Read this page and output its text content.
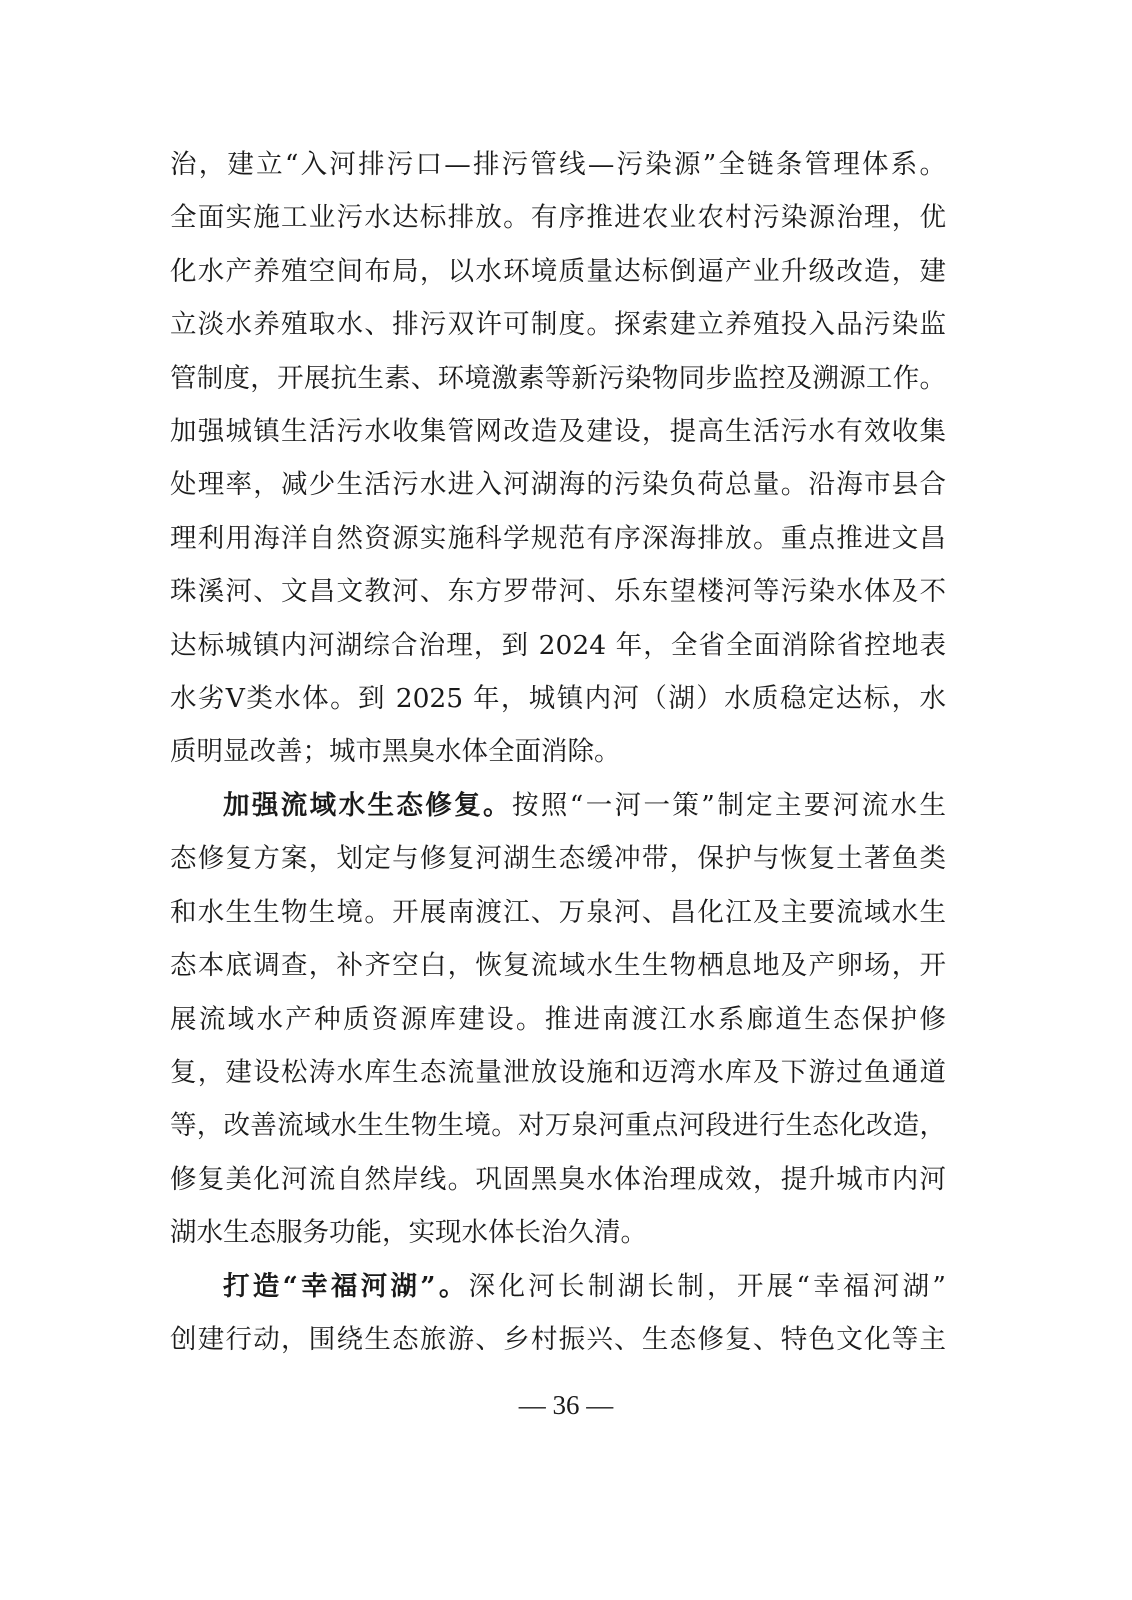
治，建立“入河排污口—排污管线—污染源”全链条管理体系。
全面实施工业污水达标排放。有序推进农业农村污染源治理，优
化水产养殖空间布局，以水环境质量达标倒逼产业升级改造，建
立淡水养殖取水、排污双许可制度。探索建立养殖投入品污染监
管制度，开展抗生素、环境激素等新污染物同步监控及溯源工作。
加强城镇生活污水收集管网改造及建设，提高生活污水有效收集
处理率，减少生活污水进入河湖海的污染负荷总量。沿海市县合
理利用海洋自然资源实施科学规范有序深海排放。重点推进文昌
珠溪河、文昌文教河、东方罗带河、乐东望楼河等污染水体及不
达标城镇内河湖综合治理，到 2024 年，全省全面消除省控地表
水劣Ⅴ类水体。到 2025 年，城镇内河（湖）水质稳定达标，水
质明显改善；城市黑臭水体全面消除。
加强流域水生态修复。按照“一河一策”制定主要河流水生
态修复方案，划定与修复河湖生态缓冲带，保护与恢复土著鱼类
和水生生物生境。开展南渡江、万泉河、昌化江及主要流域水生
态本底调查，补齐空白，恢复流域水生生物栖息地及产卵场，开
展流域水产种质资源库建设。推进南渡江水系廊道生态保护修
复，建设松涛水库生态流量泄放设施和迈湾水库及下游过鱼通道
等，改善流域水生生物生境。对万泉河重点河段进行生态化改造，
修复美化河流自然岸线。巩固黑臭水体治理成效，提升城市内河
湖水生态服务功能，实现水体长治久清。
打造“幸福河湖”。深化河长制湖长制，开展“幸福河湖”
创建行动，围绕生态旅游、乡村振兴、生态修复、特色文化等主
— 36 —
